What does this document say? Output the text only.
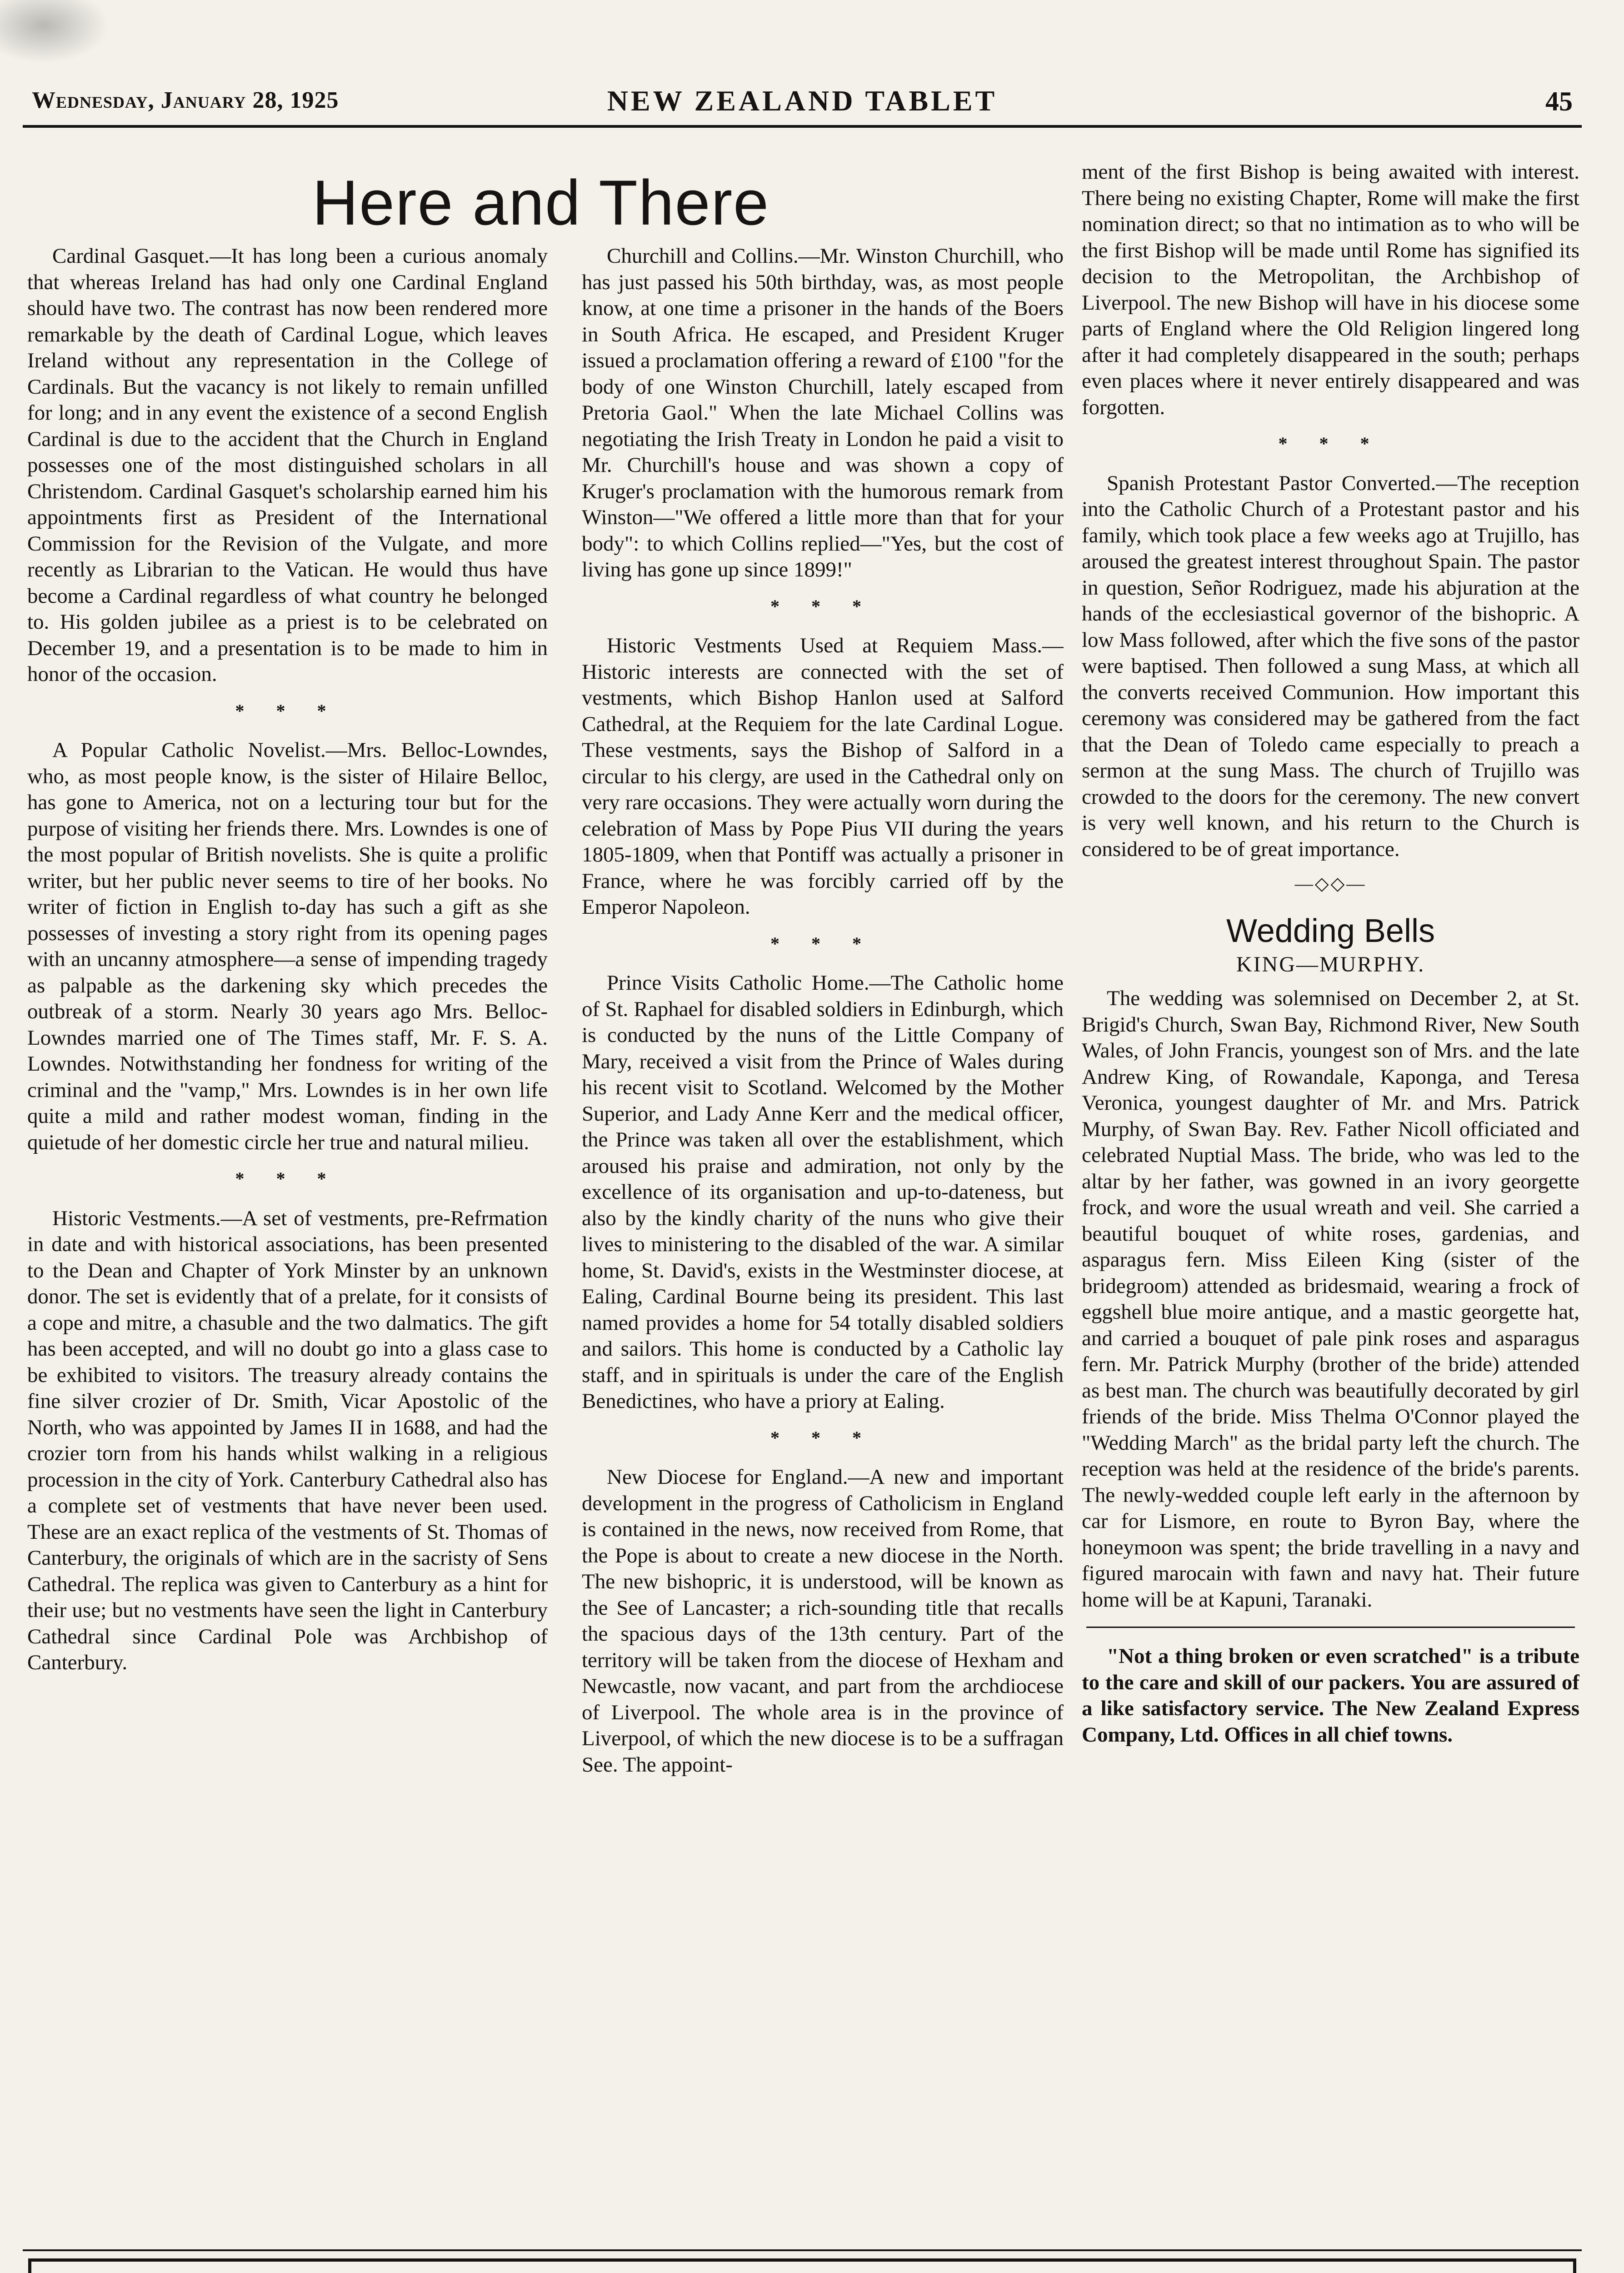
Wednesday, January 28, 1925	NEW ZEALAND TABLET	45
Here and There

Cardinal Gasquet.—It has long been a curious anomaly that whereas Ireland has had only one Cardinal England should have two. The contrast has now been rendered more remarkable by the death of Cardinal Logue, which leaves Ireland without any representation in the College of Cardinals. But the vacancy is not likely to remain unfilled for long; and in any event the existence of a second English Cardinal is due to the accident that the Church in England possesses one of the most distinguished scholars in all Christendom. Cardinal Gasquet's scholarship earned him his appointments first as President of the International Commission for the Revision of the Vulgate, and more recently as Librarian to the Vatican. He would thus have become a Cardinal regardless of what country he belonged to. His golden jubilee as a priest is to be celebrated on December 19, and a presentation is to be made to him in honor of the occasion.

* * *

A Popular Catholic Novelist.—Mrs. Belloc-Lowndes, who, as most people know, is the sister of Hilaire Belloc, has gone to America, not on a lecturing tour but for the purpose of visiting her friends there. Mrs. Lowndes is one of the most popular of British novelists. She is quite a prolific writer, but her public never seems to tire of her books. No writer of fiction in English to-day has such a gift as she possesses of investing a story right from its opening pages with an uncanny atmosphere—a sense of impending tragedy as palpable as the darkening sky which precedes the outbreak of a storm. Nearly 30 years ago Mrs. Belloc-Lowndes married one of The Times staff, Mr. F. S. A. Lowndes. Notwithstanding her fondness for writing of the criminal and the "vamp," Mrs. Lowndes is in her own life quite a mild and rather modest woman, finding in the quietude of her domestic circle her true and natural milieu.

* * *

Historic Vestments.—A set of vestments, pre-Refrmation in date and with historical associations, has been presented to the Dean and Chapter of York Minster by an unknown donor. The set is evidently that of a prelate, for it consists of a cope and mitre, a chasuble and the two dalmatics. The gift has been accepted, and will no doubt go into a glass case to be exhibited to visitors. The treasury already contains the fine silver crozier of Dr. Smith, Vicar Apostolic of the North, who was appointed by James II in 1688, and had the crozier torn from his hands whilst walking in a religious procession in the city of York. Canterbury Cathedral also has a complete set of vestments that have never been used. These are an exact replica of the vestments of St. Thomas of Canterbury, the originals of which are in the sacristy of Sens Cathedral. The replica was given to Canterbury as a hint for their use; but no vestments have seen the light in Canterbury Cathedral since Cardinal Pole was Archbishop of Canterbury.

Churchill and Collins.—Mr. Winston Churchill, who has just passed his 50th birthday, was, as most people know, at one time a prisoner in the hands of the Boers in South Africa. He escaped, and President Kruger issued a proclamation offering a reward of £100 "for the body of one Winston Churchill, lately escaped from Pretoria Gaol." When the late Michael Collins was negotiating the Irish Treaty in London he paid a visit to Mr. Churchill's house and was shown a copy of Kruger's proclamation with the humorous remark from Winston—"We offered a little more than that for your body": to which Collins replied—"Yes, but the cost of living has gone up since 1899!"

* * *

Historic Vestments Used at Requiem Mass.—Historic interests are connected with the set of vestments, which Bishop Hanlon used at Salford Cathedral, at the Requiem for the late Cardinal Logue. These vestments, says the Bishop of Salford in a circular to his clergy, are used in the Cathedral only on very rare occasions. They were actually worn during the celebration of Mass by Pope Pius VII during the years 1805-1809, when that Pontiff was actually a prisoner in France, where he was forcibly carried off by the Emperor Napoleon.

* * *

Prince Visits Catholic Home.—The Catholic home of St. Raphael for disabled soldiers in Edinburgh, which is conducted by the nuns of the Little Company of Mary, received a visit from the Prince of Wales during his recent visit to Scotland. Welcomed by the Mother Superior, and Lady Anne Kerr and the medical officer, the Prince was taken all over the establishment, which aroused his praise and admiration, not only by the excellence of its organisation and up-to-dateness, but also by the kindly charity of the nuns who give their lives to ministering to the disabled of the war. A similar home, St. David's, exists in the Westminster diocese, at Ealing, Cardinal Bourne being its president. This last named provides a home for 54 totally disabled soldiers and sailors. This home is conducted by a Catholic lay staff, and in spirituals is under the care of the English Benedictines, who have a priory at Ealing.

* * *

New Diocese for England.—A new and important development in the progress of Catholicism in England is contained in the news, now received from Rome, that the Pope is about to create a new diocese in the North. The new bishopric, it is understood, will be known as the See of Lancaster; a rich-sounding title that recalls the spacious days of the 13th century. Part of the territory will be taken from the diocese of Hexham and Newcastle, now vacant, and part from the archdiocese of Liverpool. The whole area is in the province of Liverpool, of which the new diocese is to be a suffragan See. The appoint-

ment of the first Bishop is being awaited with interest. There being no existing Chapter, Rome will make the first nomination direct; so that no intimation as to who will be the first Bishop will be made until Rome has signified its decision to the Metropolitan, the Archbishop of Liverpool. The new Bishop will have in his diocese some parts of England where the Old Religion lingered long after it had completely disappeared in the south; perhaps even places where it never entirely disappeared and was forgotten.

* * *

Spanish Protestant Pastor Converted.—The reception into the Catholic Church of a Protestant pastor and his family, which took place a few weeks ago at Trujillo, has aroused the greatest interest throughout Spain. The pastor in question, Señor Rodriguez, made his abjuration at the hands of the ecclesiastical governor of the bishopric. A low Mass followed, after which the five sons of the pastor were baptised. Then followed a sung Mass, at which all the converts received Communion. How important this ceremony was considered may be gathered from the fact that the Dean of Toledo came especially to preach a sermon at the sung Mass. The church of Trujillo was crowded to the doors for the ceremony. The new convert is very well known, and his return to the Church is considered to be of great importance.

—◇◇—
Wedding Bells
KING—MURPHY.

The wedding was solemnised on December 2, at St. Brigid's Church, Swan Bay, Richmond River, New South Wales, of John Francis, youngest son of Mrs. and the late Andrew King, of Rowandale, Kaponga, and Teresa Veronica, youngest daughter of Mr. and Mrs. Patrick Murphy, of Swan Bay. Rev. Father Nicoll officiated and celebrated Nuptial Mass. The bride, who was led to the altar by her father, was gowned in an ivory georgette frock, and wore the usual wreath and veil. She carried a beautiful bouquet of white roses, gardenias, and asparagus fern. Miss Eileen King (sister of the bridegroom) attended as bridesmaid, wearing a frock of eggshell blue moire antique, and a mastic georgette hat, and carried a bouquet of pale pink roses and asparagus fern. Mr. Patrick Murphy (brother of the bride) attended as best man. The church was beautifully decorated by girl friends of the bride. Miss Thelma O'Connor played the "Wedding March" as the bridal party left the church. The reception was held at the residence of the bride's parents. The newly-wedded couple left early in the afternoon by car for Lismore, en route to Byron Bay, where the honeymoon was spent; the bride travelling in a navy and figured marocain with fawn and navy hat. Their future home will be at Kapuni, Taranaki.

"Not a thing broken or even scratched" is a tribute to the care and skill of our packers. You are assured of a like satisfactory service. The New Zealand Express Company, Ltd. Offices in all chief towns.
